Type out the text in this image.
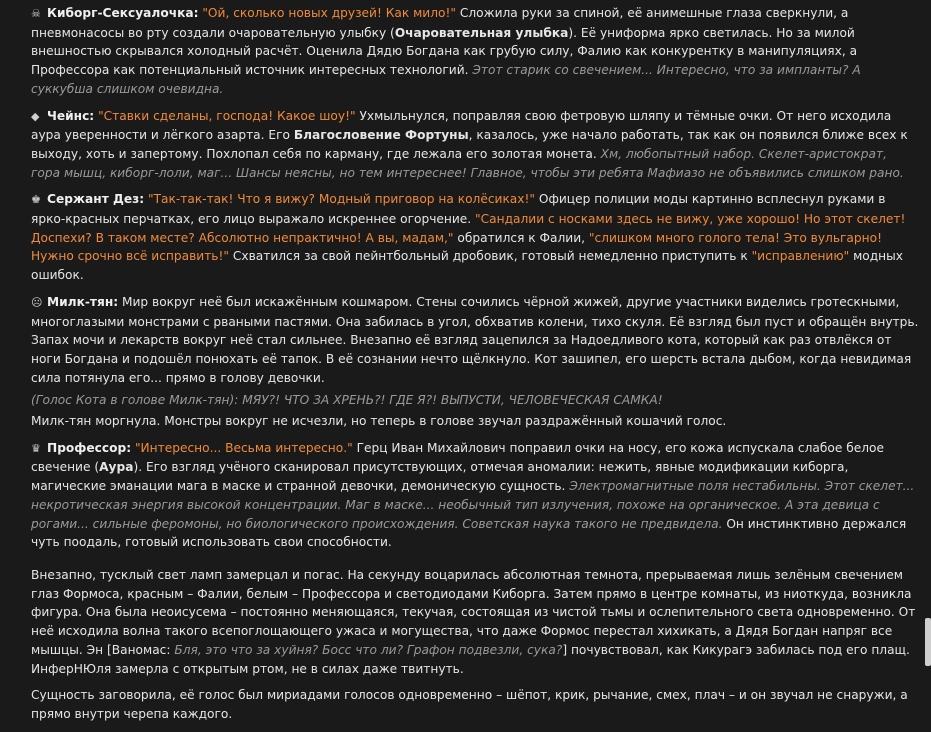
☠ Киборг-Сексуалочка: "Ой, сколько новых друзей! Как мило!" Сложила руки за спиной, её анимешные глаза сверкнули, а пневмонасосы во рту создали очаровательную улыбку (Очаровательная улыбка). Её униформа ярко светилась. Но за милой внешностью скрывался холодный расчёт. Оценила Дядю Богдана как грубую силу, Фалию как конкурентку в манипуляциях, а Профессора как потенциальный источник интересных технологий. Этот старик со свечением... Интересно, что за импланты? А суккубша слишком очевидна.

◆ Чейнс: "Ставки сделаны, господа! Какое шоу!" Ухмыльнулся, поправляя свою фетровую шляпу и тёмные очки. От него исходила аура уверенности и лёгкого азарта. Его Благословение Фортуны, казалось, уже начало работать, так как он появился ближе всех к выходу, хоть и запертому. Похлопал себя по карману, где лежала его золотая монета. Хм, любопытный набор. Скелет-аристократ, гора мышц, киборг-лоли, маг... Шансы неясны, но тем интереснее! Главное, чтобы эти ребята Мафиазо не объявились слишком рано.

♚ Сержант Дез: "Так-так-так! Что я вижу? Модный приговор на колёсиках!" Офицер полиции моды картинно всплеснул руками в ярко-красных перчатках, его лицо выражало искреннее огорчение. "Сандалии с носками здесь не вижу, уже хорошо! Но этот скелет! Доспехи? В таком месте? Абсолютно непрактично! А вы, мадам," обратился к Фалии, "слишком много голого тела! Это вульгарно! Нужно срочно всё исправить!" Схватился за свой пейнтбольный дробовик, готовый немедленно приступить к "исправлению" модных ошибок.

☹ Милк-тян: Мир вокруг неё был искажённым кошмаром. Стены сочились чёрной жижей, другие участники виделись гротескными, многоглазыми монстрами с рваными пастями. Она забилась в угол, обхватив колени, тихо скуля. Её взгляд был пуст и обращён внутрь. Запах мочи и лекарств вокруг неё стал сильнее. Внезапно её взгляд зацепился за Надоедливого кота, который как раз отвлёкся от ноги Богдана и подошёл понюхать её тапок. В её сознании нечто щёлкнуло. Кот зашипел, его шерсть встала дыбом, когда невидимая сила потянула его... прямо в голову девочки.
(Голос Кота в голове Милк-тян): МЯУ?! ЧТО ЗА ХРЕНЬ?! ГДЕ Я?! ВЫПУСТИ, ЧЕЛОВЕЧЕСКАЯ САМКА!
Милк-тян моргнула. Монстры вокруг не исчезли, но теперь в голове звучал раздражённый кошачий голос.

♛ Профессор: "Интересно... Весьма интересно." Герц Иван Михайлович поправил очки на носу, его кожа испускала слабое белое свечение (Аура). Его взгляд учёного сканировал присутствующих, отмечая аномалии: нежить, явные модификации киборга, магические эманации мага в маске и странной девочки, демоническую сущность. Электромагнитные поля нестабильны. Этот скелет... некротическая энергия высокой концентрации. Маг в маске... необычный тип излучения, похоже на органическое. А эта девица с рогами... сильные феромоны, но биологического происхождения. Советская наука такого не предвидела. Он инстинктивно держался чуть поодаль, готовый использовать свои способности.

Внезапно, тусклый свет ламп замерцал и погас. На секунду воцарилась абсолютная темнота, прерываемая лишь зелёным свечением глаз Формоса, красным – Фалии, белым – Профессора и светодиодами Киборга. Затем прямо в центре комнаты, из ниоткуда, возникла фигура. Она была неоисусема – постоянно меняющаяся, текучая, состоящая из чистой тьмы и ослепительного света одновременно. От неё исходила волна такого всепоглощающего ужаса и могущества, что даже Формос перестал хихикать, а Дядя Богдан напряг все мышцы. Эн [Ваномас: Бля, это что за хуйня? Босс что ли? Графон подвезли, сука?] почувствовал, как Кикурагэ забилась под его плащ. ИнферНЮля замерла с открытым ртом, не в силах даже твитнуть.

Сущность заговорила, её голос был мириадами голосов одновременно – шёпот, крик, рычание, смех, плач – и он звучал не снаружи, а прямо внутри черепа каждого.
